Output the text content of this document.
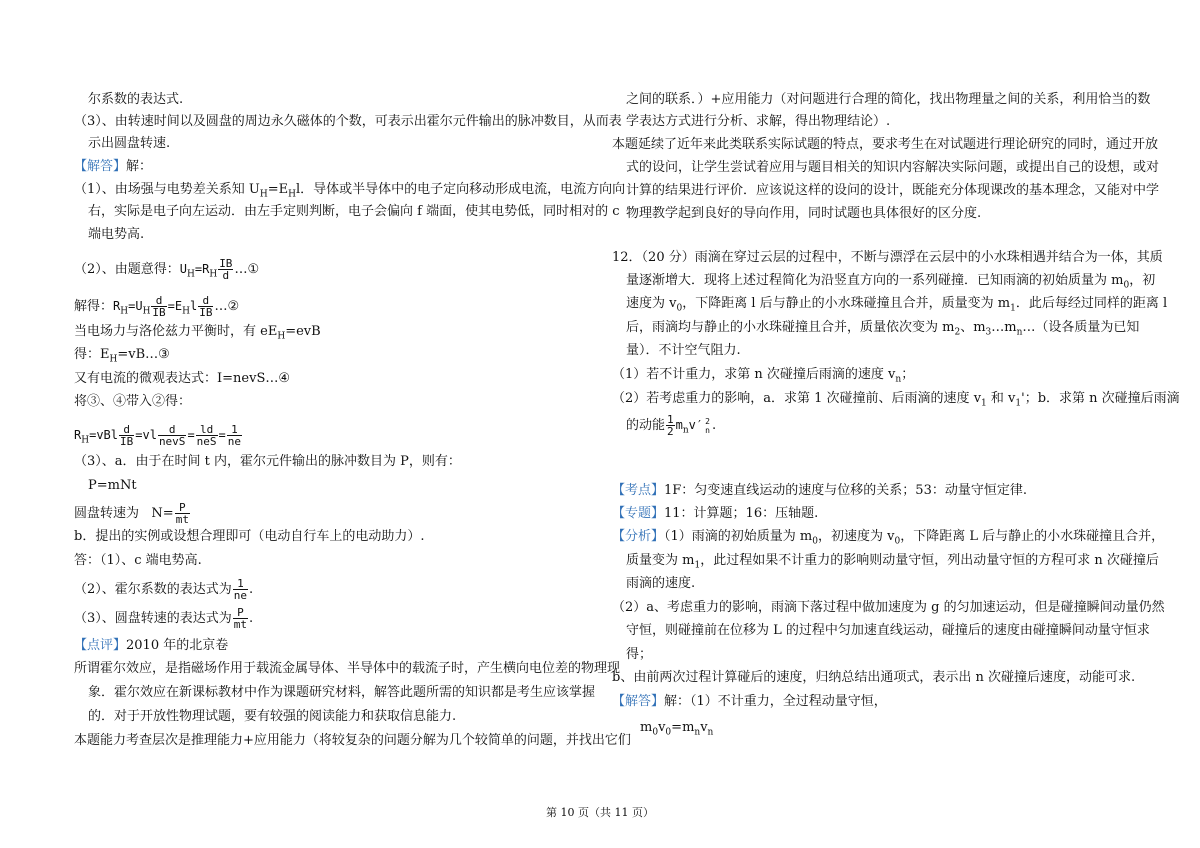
尔系数的表达式.
（3）、由转速时间以及圆盘的周边永久磁体的个数，可表示出霍尔元件输出的脉冲数目，从而表
示出圆盘转速.
【解答】解：
（1）、由场强与电势差关系知 $U_H=E_Hl$．导体或半导体中的电子定向移动形成电流，电流方向向
右，实际是电子向左运动．由左手定则判断，电子会偏向 f 端面，使其电势低，同时相对的 c
端电势高.
（2）、由题意得：$U_H=R_H \frac{IB}{d}$ …①
解得：$R_H=U_H \frac{d}{IB} =E_Hl \frac{d}{IB}$ …②
当电场力与洛伦兹力平衡时，有 $eE_H=evB$
得：$E_H=vB\dots ③$
又有电流的微观表达式：I=nevS…④
将③、④带入②得：
$R_H=vBl \frac{d}{IB} =vl \frac{d}{\text{nevS}} = \frac{ld}{\text{neS}} = \frac{1}{ne}$
（3）、a．由于在时间 t 内，霍尔元件输出的脉冲数目为 P，则有：
P=mNt
圆盘转速为 $N= \frac{P}{mt}$
b．提出的实例或设想合理即可（电动自行车上的电动助力）.
答：（1）、c 端电势高.
（2）、霍尔系数的表达式为 $\frac{1}{ne}$ .
（3）、圆盘转速的表达式为 $\frac{P}{mt}$ .
【点评】2010 年的北京卷
所谓霍尔效应，是指磁场作用于载流金属导体、半导体中的载流子时，产生横向电位差的物理现
象．霍尔效应在新课标教材中作为课题研究材料，解答此题所需的知识都是考生应该掌握
的．对于开放性物理试题，要有较强的阅读能力和获取信息能力.
本题能力考查层次是推理能力+应用能力（将较复杂的问题分解为几个较简单的问题，并找出它们
之间的联系．）+应用能力（对问题进行合理的简化，找出物理量之间的关系，利用恰当的数
学表达方式进行分析、求解，得出物理结论）.
本题延续了近年来此类联系实际试题的特点，要求考生在对试题进行理论研究的同时，通过开放
式的设问，让学生尝试着应用与题目相关的知识内容解决实际问题，或提出自己的设想，或对
计算的结果进行评价．应该说这样的设问的设计，既能充分体现课改的基本理念，又能对中学
物理教学起到良好的导向作用，同时试题也具体很好的区分度.
12．（20 分）雨滴在穿过云层的过程中，不断与漂浮在云层中的小水珠相遇并结合为一体，其质
量逐渐增大．现将上述过程简化为沿竖直方向的一系列碰撞．已知雨滴的初始质量为 $m_0$，初
速度为 $v_0$，下降距离 l 后与静止的小水珠碰撞且合并，质量变为 $m_1$．此后每经过同样的距离 l
后，雨滴均与静止的小水珠碰撞且合并，质量依次变为 $m_2$、$m_3\dots m_n\dots$（设各质量为已知
量）．不计空气阻力.
（1）若不计重力，求第 n 次碰撞后雨滴的速度 $v_n$；
（2）若考虑重力的影响，a．求第 1 次碰撞前、后雨滴的速度 $v_1$ 和 $v_1'$；b．求第 n 次碰撞后雨滴
的动能 $\frac{1}{2} m_nv'$ 2
n .
【考点】1F：匀变速直线运动的速度与位移的关系；53：动量守恒定律.
【专题】11：计算题；16：压轴题.
【分析】（1）雨滴的初始质量为 $m_0$，初速度为 $v_0$，下降距离 L 后与静止的小水珠碰撞且合并，
质量变为 $m_1$，此过程如果不计重力的影响则动量守恒，列出动量守恒的方程可求 n 次碰撞后
雨滴的速度.
（2）a、考虑重力的影响，雨滴下落过程中做加速度为 g 的匀加速运动，但是碰撞瞬间动量仍然
守恒，则碰撞前在位移为 L 的过程中匀加速直线运动，碰撞后的速度由碰撞瞬间动量守恒求
得；
b、由前两次过程计算碰后的速度，归纳总结出通项式，表示出 n 次碰撞后速度，动能可求.
【解答】解：（1）不计重力，全过程动量守恒，
$m_0v_0=m_nv_n$
第 10 页（共 11 页）
